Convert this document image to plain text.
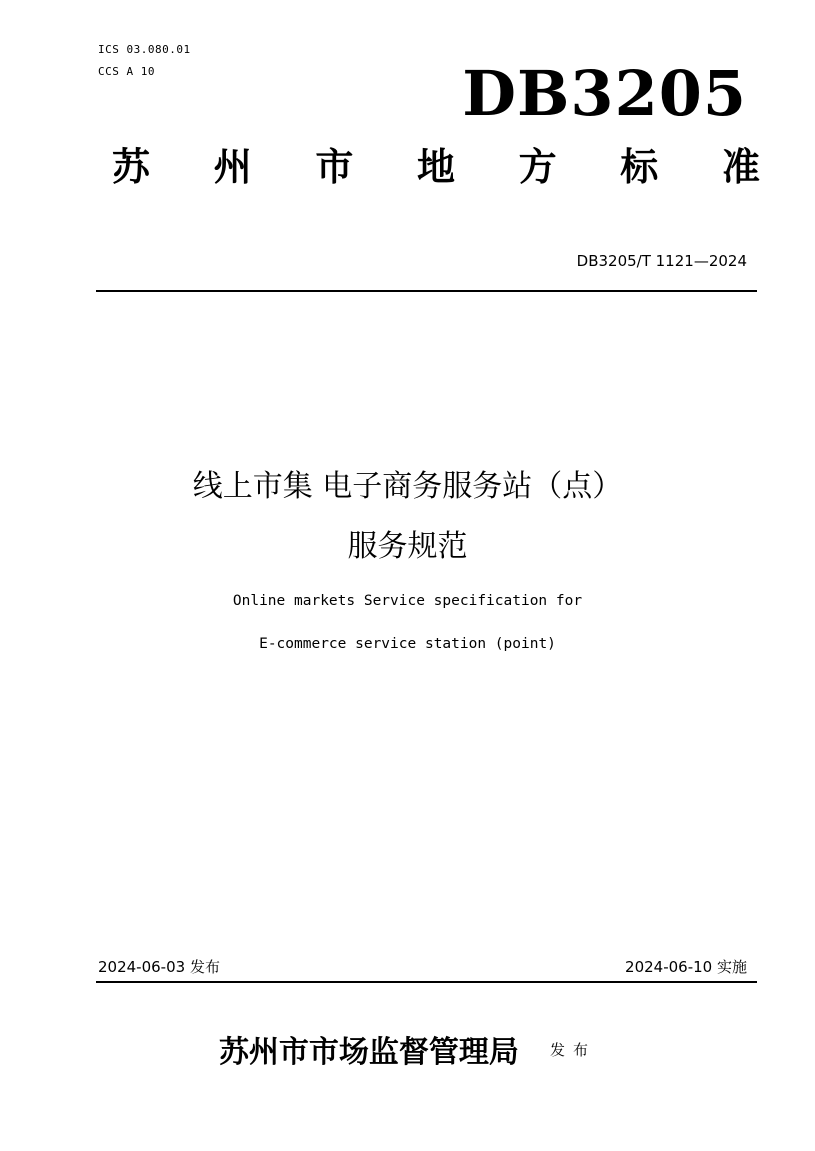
ICS 03.080.01
CCS A 10	DB3205
苏 州 市 地 方 标 准
DB3205/T 1121—2024
线上市集 电子商务服务站（点）
服务规范
Online markets Service specification for
E-commerce service station (point)
2024-06-03 发布	2024-06-10 实施
苏州市市场监督管理局 发布
